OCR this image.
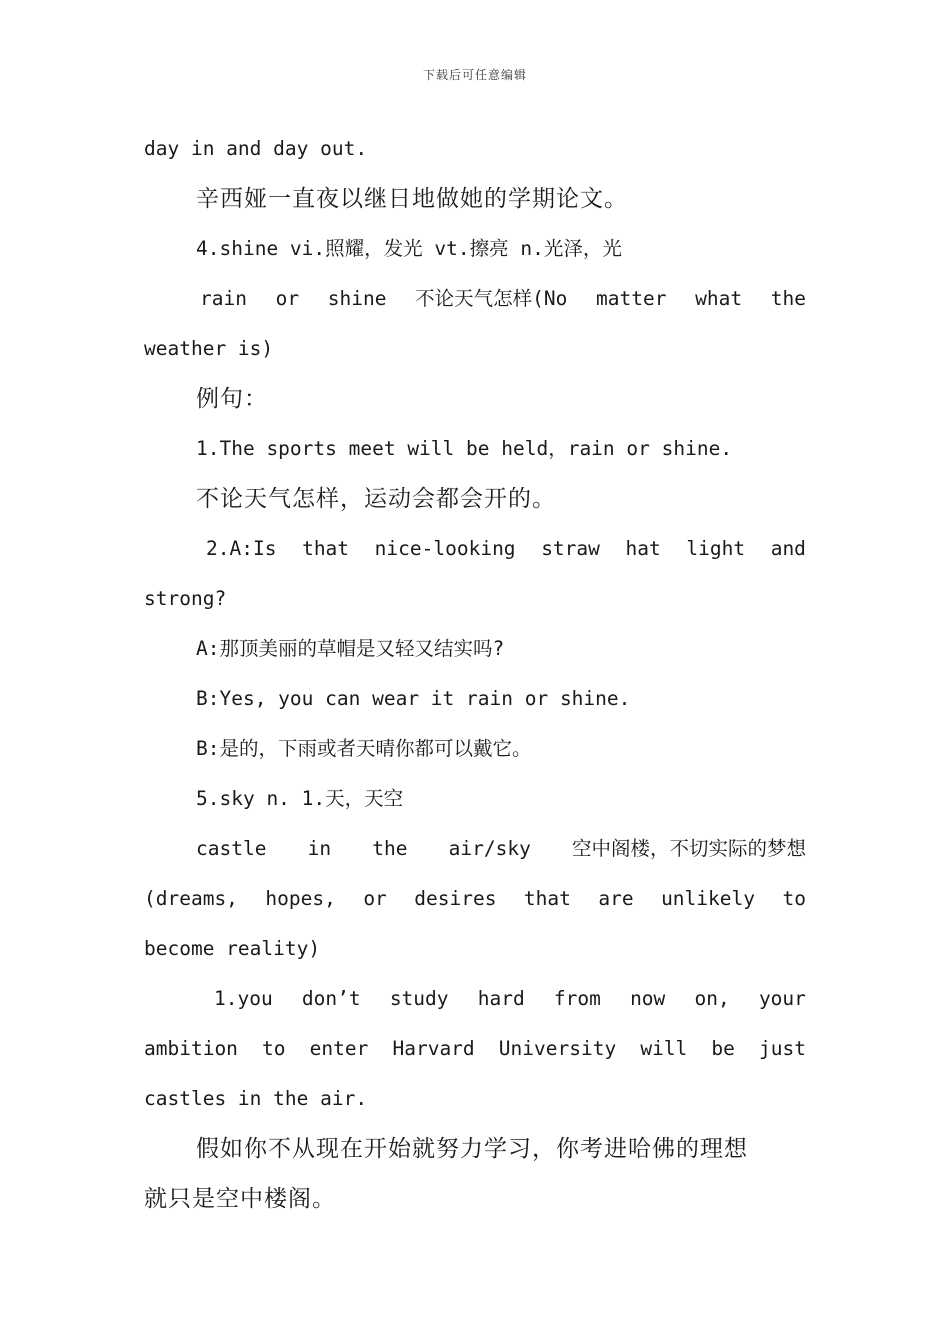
下载后可任意编辑
day in and day out.
辛西娅一直夜以继日地做她的学期论文。
4.shine vi.照耀，发光 vt.擦亮 n.光泽，光
rain or shine 不论天气怎样(No matter what the
weather is)
例句：
1.The sports meet will be held，rain or shine.
不论天气怎样，运动会都会开的。
2.A:Is that nice-looking straw hat light and
strong?
A:那顶美丽的草帽是又轻又结实吗?
B:Yes, you can wear it rain or shine.
B:是的，下雨或者天晴你都可以戴它。
5.sky n. 1.天，天空
castle in the air/sky 空中阁楼，不切实际的梦想
(dreams, hopes, or desires that are unlikely to
become reality)
1.you don’t study hard from now on, your
ambition to enter Harvard University will be just
castles in the air.
假如你不从现在开始就努力学习，你考进哈佛的理想
就只是空中楼阁。
